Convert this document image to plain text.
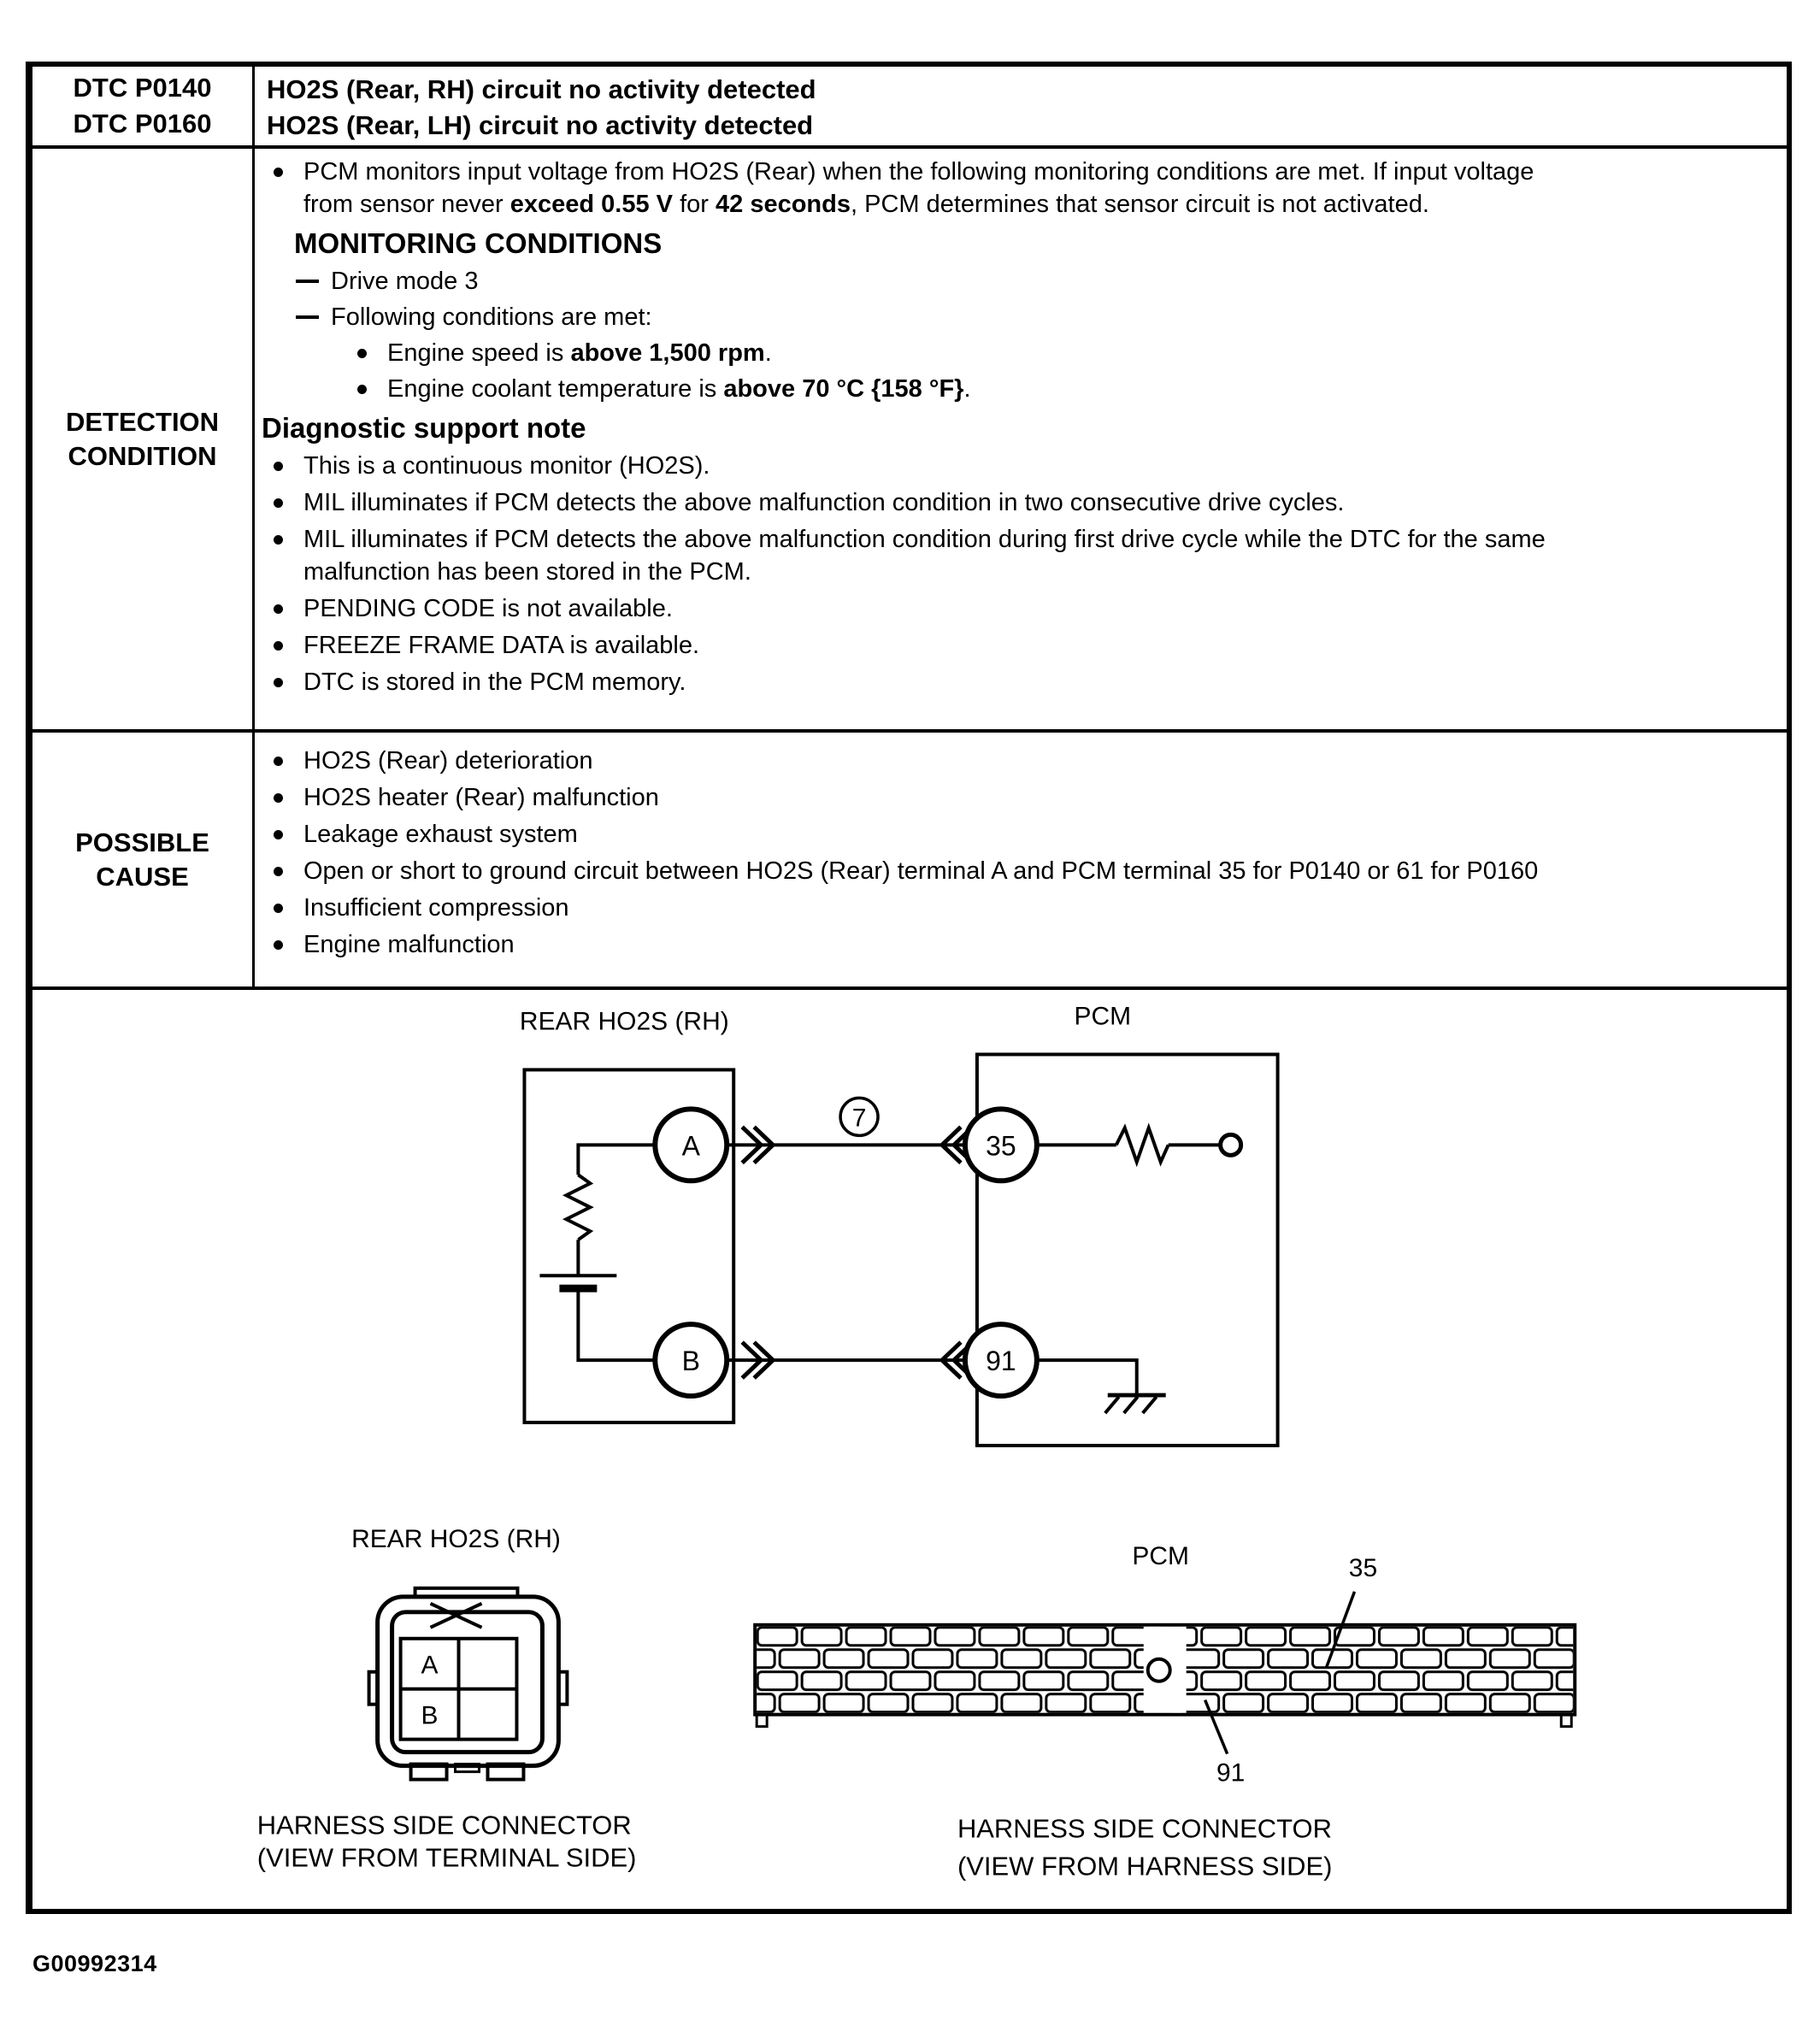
DTC P0140
DTC P0160
HO2S (Rear, RH) circuit no activity detected
HO2S (Rear, LH) circuit no activity detected
DETECTION CONDITION
PCM monitors input voltage from HO2S (Rear) when the following monitoring conditions are met. If input voltage from sensor never exceed 0.55 V for 42 seconds, PCM determines that sensor circuit is not activated.
MONITORING CONDITIONS
Drive mode 3
Following conditions are met:
Engine speed is above 1,500 rpm.
Engine coolant temperature is above 70 °C {158 °F}.
Diagnostic support note
This is a continuous monitor (HO2S).
MIL illuminates if PCM detects the above malfunction condition in two consecutive drive cycles.
MIL illuminates if PCM detects the above malfunction condition during first drive cycle while the DTC for the same malfunction has been stored in the PCM.
PENDING CODE is not available.
FREEZE FRAME DATA is available.
DTC is stored in the PCM memory.
POSSIBLE CAUSE
HO2S (Rear) deterioration
HO2S heater (Rear) malfunction
Leakage exhaust system
Open or short to ground circuit between HO2S (Rear) terminal A and PCM terminal 35 for P0140 or 61 for P0160
Insufficient compression
Engine malfunction
REAR HO2S (RH)	PCM
A
B
35
91
7
REAR HO2S (RH)
A
B
HARNESS SIDE CONNECTOR
(VIEW FROM TERMINAL SIDE)
PCM	35
91
HARNESS SIDE CONNECTOR
(VIEW FROM HARNESS SIDE)
G00992314
